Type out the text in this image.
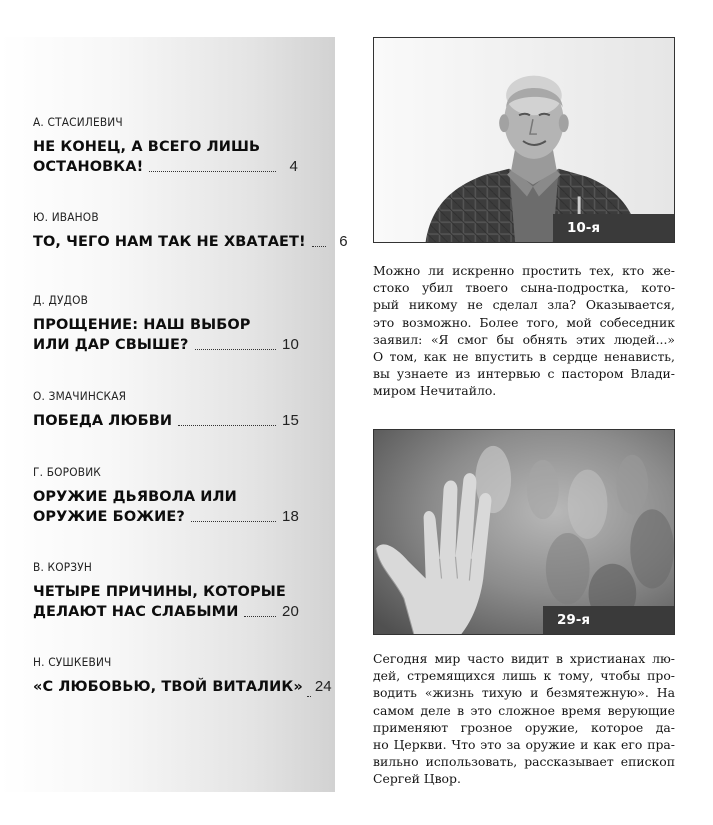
А. СТАСИЛЕВИЧ
НЕ КОНЕЦ, А ВСЕГО ЛИШЬ
ОСТАНОВКА!	4
Ю. ИВАНОВ
ТО, ЧЕГО НАМ ТАК НЕ ХВАТАЕТ!	6
Д. ДУДОВ
ПРОЩЕНИЕ: НАШ ВЫБОР
ИЛИ ДАР СВЫШЕ?	10
О. ЗМАЧИНСКАЯ
ПОБЕДА ЛЮБВИ	15
Г. БОРОВИК
ОРУЖИЕ ДЬЯВОЛА ИЛИ
ОРУЖИЕ БОЖИЕ?	18
В. КОРЗУН
ЧЕТЫРЕ ПРИЧИНЫ, КОТОРЫЕ
ДЕЛАЮТ НАС СЛАБЫМИ	20
Н. СУШКЕВИЧ
«С ЛЮБОВЬЮ, ТВОЙ ВИТАЛИК» 24
10-я
Можно ли искренно простить тех, кто же-
стоко убил твоего сына-подростка, кото-
рый никому не сделал зла? Оказывается,
это возможно. Более того, мой собеседник
заявил: «Я смог бы обнять этих людей...»
О том, как не впустить в сердце ненависть,
вы узнаете из интервью с пастором Влади-
миром Нечитайло.
29-я
Сегодня мир часто видит в христианах лю-
дей, стремящихся лишь к тому, чтобы про-
водить «жизнь тихую и безмятежную». На
самом деле в это сложное время верующие
применяют грозное оружие, которое да-
но Церкви. Что это за оружие и как его пра-
вильно использовать, рассказывает епископ
Сергей Цвор.
